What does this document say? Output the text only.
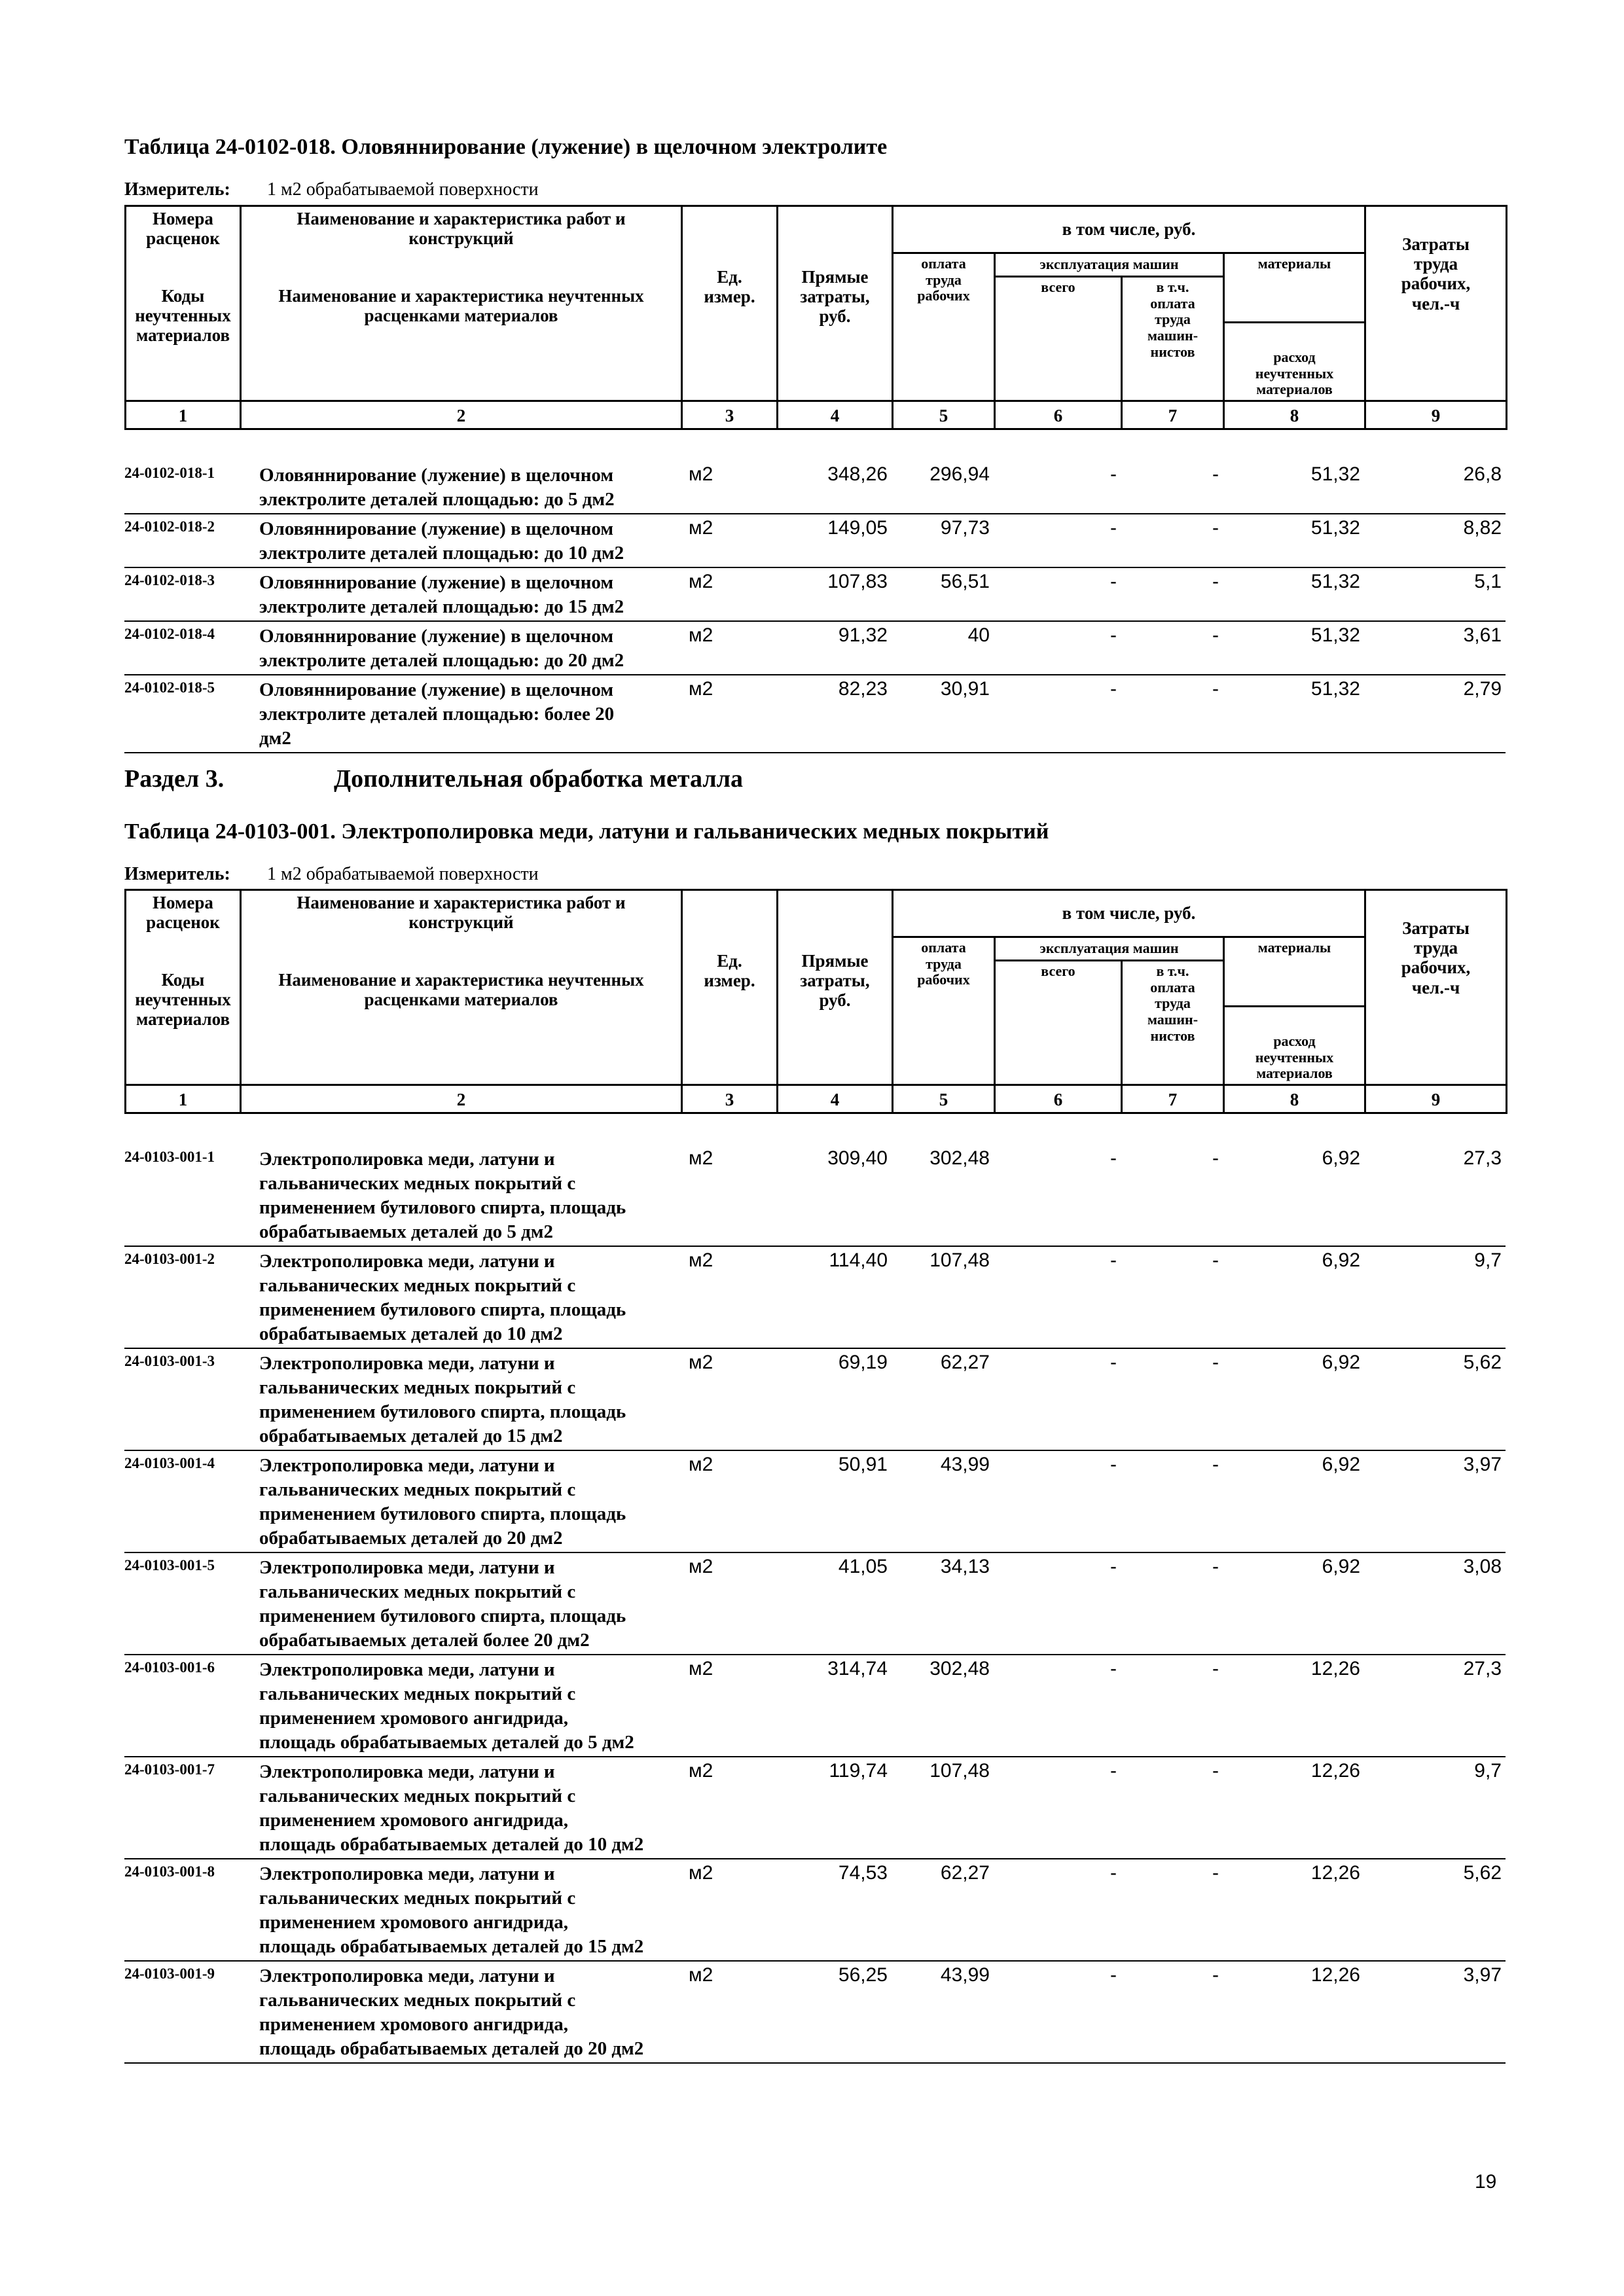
Таблица 24-0102-018. Оловяннирование (лужение) в щелочном электролите
Измеритель: 1 м2 обрабатываемой поверхности
Номера
расценок	Наименование и характеристика работ и
конструкций	Ед.
измер.	Прямые
затраты,
руб.	в том числе, руб.				Затраты
труда
рабочих,
чел.-ч
Коды
неучтенных
материалов	Наименование и характеристика неучтенных
расценками материалов			оплата
труда
рабочих	эксплуатация машин		материалы	
					всего	в т.ч.
оплата
труда
машин-
нистов		
							расход
неучтенных
материалов	
1	2	3	4	5	6	7	8	9
24-0102-018-1	Оловяннирование (лужение) в щелочном
электролите деталей площадью: до 5 дм2	м2	348,26	296,94	-	-	51,32	26,8
24-0102-018-2	Оловяннирование (лужение) в щелочном
электролите деталей площадью: до 10 дм2	м2	149,05	97,73	-	-	51,32	8,82
24-0102-018-3	Оловяннирование (лужение) в щелочном
электролите деталей площадью: до 15 дм2	м2	107,83	56,51	-	-	51,32	5,1
24-0102-018-4	Оловяннирование (лужение) в щелочном
электролите деталей площадью: до 20 дм2	м2	91,32	40	-	-	51,32	3,61
24-0102-018-5	Оловяннирование (лужение) в щелочном
электролите деталей площадью: более 20
дм2	м2	82,23	30,91	-	-	51,32	2,79
Раздел 3.	Дополнительная обработка металла
Таблица 24-0103-001. Электрополировка меди, латуни и гальванических медных покрытий
Измеритель: 1 м2 обрабатываемой поверхности
Номера
расценок	Наименование и характеристика работ и
конструкций	Ед.
измер.	Прямые
затраты,
руб.	в том числе, руб.				Затраты
труда
рабочих,
чел.-ч
Коды
неучтенных
материалов	Наименование и характеристика неучтенных
расценками материалов			оплата
труда
рабочих	эксплуатация машин		материалы	
					всего	в т.ч.
оплата
труда
машин-
нистов		
							расход
неучтенных
материалов	
1	2	3	4	5	6	7	8	9
24-0103-001-1	Электрополировка меди, латуни и
гальванических медных покрытий с
применением бутилового спирта, площадь
обрабатываемых деталей до 5 дм2	м2	309,40	302,48	-	-	6,92	27,3
24-0103-001-2	Электрополировка меди, латуни и
гальванических медных покрытий с
применением бутилового спирта, площадь
обрабатываемых деталей до 10 дм2	м2	114,40	107,48	-	-	6,92	9,7
24-0103-001-3	Электрополировка меди, латуни и
гальванических медных покрытий с
применением бутилового спирта, площадь
обрабатываемых деталей до 15 дм2	м2	69,19	62,27	-	-	6,92	5,62
24-0103-001-4	Электрополировка меди, латуни и
гальванических медных покрытий с
применением бутилового спирта, площадь
обрабатываемых деталей до 20 дм2	м2	50,91	43,99	-	-	6,92	3,97
24-0103-001-5	Электрополировка меди, латуни и
гальванических медных покрытий с
применением бутилового спирта, площадь
обрабатываемых деталей более 20 дм2	м2	41,05	34,13	-	-	6,92	3,08
24-0103-001-6	Электрополировка меди, латуни и
гальванических медных покрытий с
применением хромового ангидрида,
площадь обрабатываемых деталей до 5 дм2	м2	314,74	302,48	-	-	12,26	27,3
24-0103-001-7	Электрополировка меди, латуни и
гальванических медных покрытий с
применением хромового ангидрида,
площадь обрабатываемых деталей до 10 дм2	м2	119,74	107,48	-	-	12,26	9,7
24-0103-001-8	Электрополировка меди, латуни и
гальванических медных покрытий с
применением хромового ангидрида,
площадь обрабатываемых деталей до 15 дм2	м2	74,53	62,27	-	-	12,26	5,62
24-0103-001-9	Электрополировка меди, латуни и
гальванических медных покрытий с
применением хромового ангидрида,
площадь обрабатываемых деталей до 20 дм2	м2	56,25	43,99	-	-	12,26	3,97
19
